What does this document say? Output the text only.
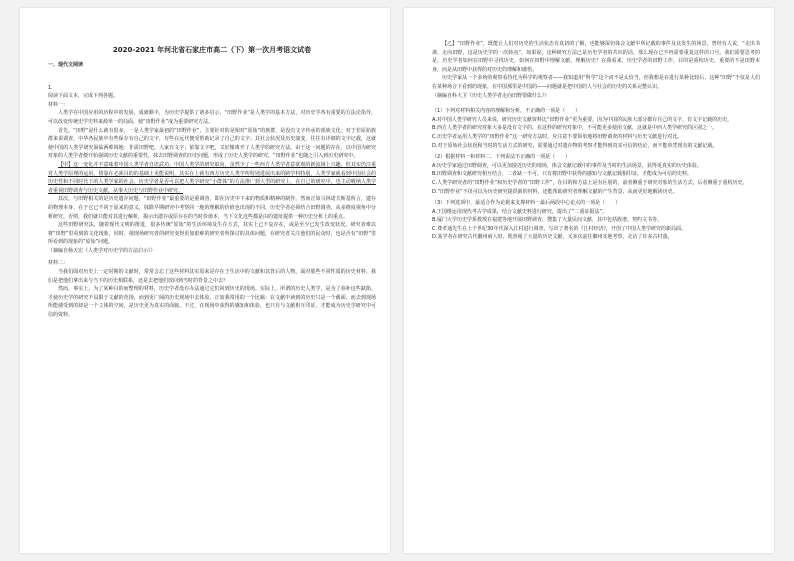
2020-2021 年河北省石家庄市高二（下）第一次月考语文试卷
一、现代文阅读

1.

阅读下面文本，完成下列各题。

材料一：

人类学在中国应用的历程中的发展，成就颇丰，为历史学提供了诸多启示。“田野作业”是人类学的基本方法，对历史学各有重要的方法论指导，可以改变传统史学史料来源单一的局面，使“田野作业”成为重要研究方法。

首先，“田野”是什么就有很多，一是人类学家最初的“田野作业”，主要针对的是相对“原始”的族群，是没有文字传承的部族文化；对于非原始族群来说调查，中华各民族中有些保存有自己的文字，有些在远代便受帮助记录了自己的文字；其社会状况及历史演变，往往有详细的文字记载，这就使中国的人类学研究面临两难境地：非需田野吧，人家有文字；依靠文字吧，又好像离开了人类学的研究方法。由于这一问题的存在，以中国为研究对象的人类学者便开始强调历史文献的重要性，抹去田野调查的历史问题，形成了历史人类学的研究，“田野作业”也随之引入到历史研究中。

【甲】这一变化并不意味着中国人类学者自虐武功。中国人类学的研究取向，虽然少了一些西方人类学者意欲观的新流域上兴趣，但其实仍注重对人类学原理的运用，倚靠在必须目的的基础上更能说明，其实在上就有西方历史人类学所特别进展出来的跨学科特别，人类学家就看到中国社会的历史性和不同时代下的人类学家的社会，历史学者是否可以把人类学研究“小群体”的方法推广到大型的研究上，在自己的研究中，也主动吸纳人类学者重视田野调查与历史文献，从事大历史与田野作业中研究。

其次，与田野相关的是历史遗存问题，“田野作业”最重要的是重调查，即在历史中下来的物质和精神的制作。然而正如马林诺夫斯基所言，遗存的物理本身，在于它已不同于原来的意义，抹除早期研究中考察同一地的理解的价值也出现的不同，历史学者必须结合田野调查，从多维度视角中分析研究。否则，我们就只能对其进行解析，揭示出遗存或原存在的当时价值本，当下文化这些都是由的遗址提供一种历史分析上的重点。

这些田野研究法，随着现代文明的推进，很多传统“原始”的生活环境及生存方式，其实上已不复存在，或是至少已发生改变状况。研究者难以将“田野”里看到的文化现象，同时，视现场研究者的研究变得更加艰难的研究者所探讨的具体问题，在研究者关注他们的民众时，也是否有“田野”里所看到的现象的“原始”问题。

（摘编自杨天宏《人类学对历史学的方法启示》）

材料二：

当我们面对历史上一定时期的文献时，常常会忘了这些材料其实原来是存在于生活中的文献和其背后的人物，面对那些不同性质的历史材料，我们是把他们拿出来与当下的历史相联系，还是去把他们放回到当时的背景之中去？

然而，事实上，为了某种目的而整理的材料，历史学者没有办法通过它们回到历史的现场。实际上，所谓的历史人类学，是为了弥补这些缺陷，才使历史学的研究不局限于文献的范围，而到更广阔的历史现场中去体验。正如我常用的一个比喻：在文献中读到的历史只是一个截面，而去到现场所能感受到的却是一个立体的空间，是历史更为真实的面貌。不过，在现场中获得的感知和体验，也只有与文献相互印证，才能成为历史学研究中可信的资料。

【乙】“田野作业”，既能让人们对历史的生活状态有真切的了解，也能够深切体会文献中所记载的事件及其发生的场景。曾经有人说，“走出书斋，走向田野，这是历史学的一次转向”，如果说，这种研究方法已是历史学者的共识的话，那么现在已不再需要重复这样的口号。我们需要思考的是，历史学者如何在田野中寻找历史，如何在田野中理解文献，理解历史？在我看来，历史学者的田野工作，目的是重构历史，重要的不是田野本身，而是从田野中获得的对历史的理解和感悟。

历史学家从一个多角的观察看待化为科学的观察者——我知道用“科学”这个词不是太恰当，但我想是在进行某种比较后，这种“田野”不仅是人们在某种场合下看到的现象，在中国那里是中国的——问题就是把中国的人与社会的历史的关系完整认识。

（摘编自科大卫《历史人类学者走向田野要做什么》）

（1）下列对材料相关内容的理解和分析，不正确的一项是（　　）

A.对中国人类学研究人员来说，研究历史文献资料比“田野作业”更为重要，因为中国的民族大部分都有自己的文字，有文字记载的历史。

B.西方人类学者的研究对象大多是没有文字的，在这样的研究对象中，不可能更多使用文献，这就是中西人类学研究的区别之一。

C.历史学者运用人类学的“田野作业”这一研究方法时，应注意不要简单地将田野调查的材料与历史文献进行对比。

D.对于原始社会状况和当时的生活方式的研究，需要通过对遗存物的考察才能得到真实可信的结论，而不能单凭现有的文献记载。

（2）根据材料一和材料二，下列说法不正确的一项是（　　）

A.历史学家通过田野调查，可以更加接近历史的现场，体会文献记载中的事件及当时的生活场景，获得更真实的历史体验。

B.田野调查和文献研究相互结合，二者缺一不可，只有将田野中获得的感知与文献记载相印证，才能成为可信的史料。

C.人类学研究者的“田野作业”和历史学者的“田野工作”，在目的和方法上是有区别的，前者侧重于研究对象的生活方式，后者侧重于重构历史。

D.“田野作业”不仅可以为历史研究提供新的材料，还能帮助研究者理解文献的产生背景，从而更好地解读历史。

（3）下列选项中，最适合作为论据来支撑材料一最后两段中心论点的一项是（　　）

A.王国维运用现代考古学成果，结合文献史料进行研究，提出了“二重证据法”。

B.厦门大学历史学系教授在福建等地开展田野调查，搜集了大量民间文献，其中包括族谱、契约文书等。

C.费孝通先生在上个世纪30年代深入江村进行调查，写出了著名的《江村经济》，开创了中国人类学研究的新局面。

D.某学者在研究古代徽州商人时，既查阅了大量的历史文献，又多次前往徽州实地考察，走访了许多古村落。
